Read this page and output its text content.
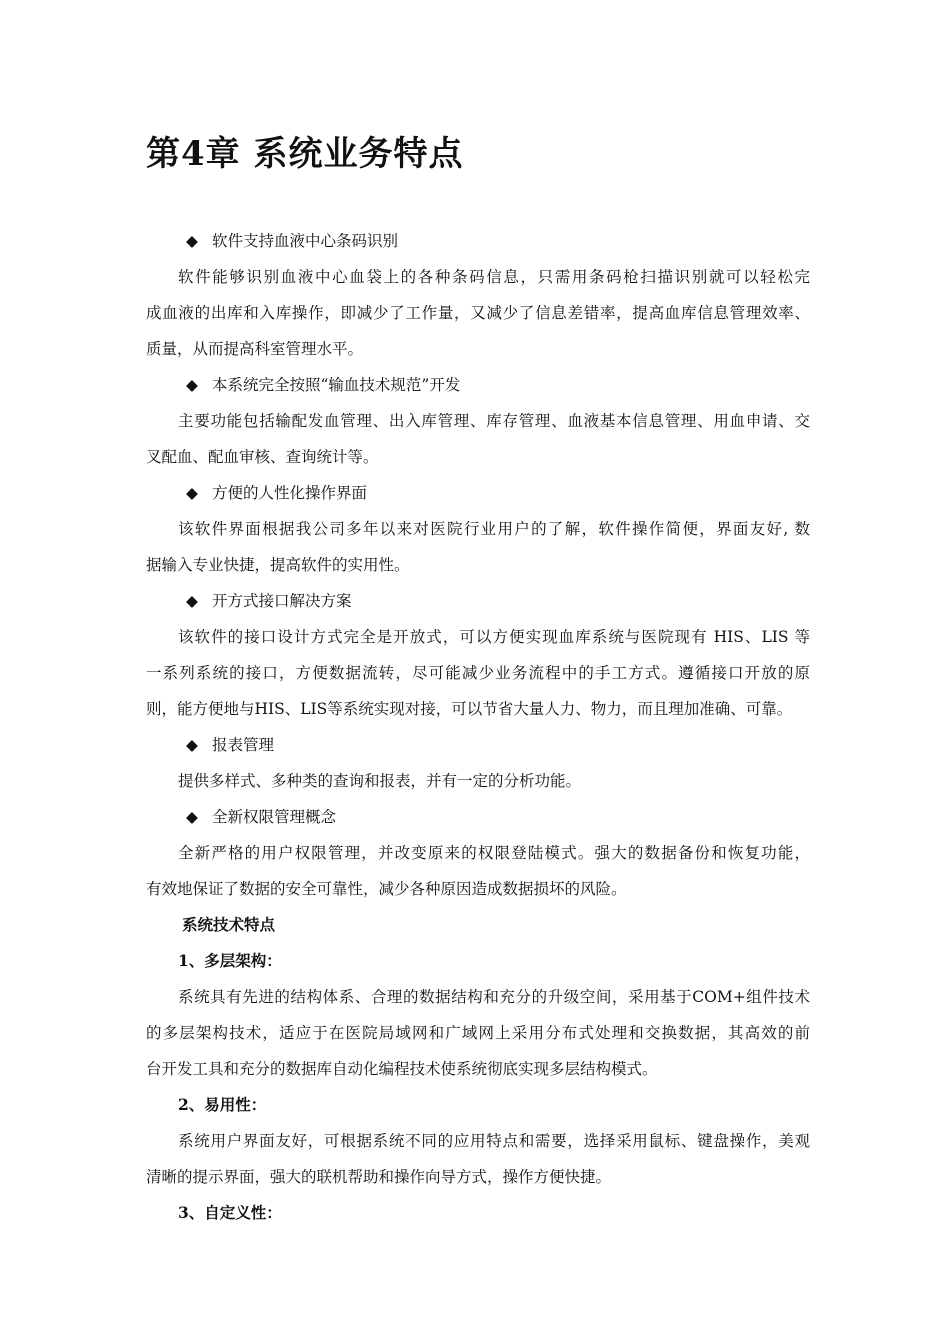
第4章 系统业务特点
◆ 软件支持血液中心条码识别
软件能够识别血液中心血袋上的各种条码信息，只需用条码枪扫描识别就可以轻松完
成血液的出库和入库操作，即减少了工作量，又减少了信息差错率，提高血库信息管理效率、
质量，从而提高科室管理水平。
◆ 本系统完全按照“输血技术规范”开发
主要功能包括输配发血管理、出入库管理、库存管理、血液基本信息管理、用血申请、交
叉配血、配血审核、查询统计等。
◆ 方便的人性化操作界面
该软件界面根据我公司多年以来对医院行业用户的了解，软件操作简便，界面友好, 数
据输入专业快捷，提高软件的实用性。
◆ 开方式接口解决方案
该软件的接口设计方式完全是开放式，可以方便实现血库系统与医院现有 HIS、LIS 等
一系列系统的接口，方便数据流转，尽可能减少业务流程中的手工方式。遵循接口开放的原
则，能方便地与HIS、LIS等系统实现对接，可以节省大量人力、物力，而且理加准确、可靠。
◆ 报表管理
提供多样式、多种类的查询和报表，并有一定的分析功能。
◆ 全新权限管理概念
全新严格的用户权限管理，并改变原来的权限登陆模式。强大的数据备份和恢复功能，
有效地保证了数据的安全可靠性，减少各种原因造成数据损坏的风险。
系统技术特点
1、多层架构：
系统具有先进的结构体系、合理的数据结构和充分的升级空间，采用基于COM+组件技术
的多层架构技术，适应于在医院局域网和广域网上采用分布式处理和交换数据，其高效的前
台开发工具和充分的数据库自动化编程技术使系统彻底实现多层结构模式。
2、易用性：
系统用户界面友好，可根据系统不同的应用特点和需要，选择采用鼠标、键盘操作，美观
清晰的提示界面，强大的联机帮助和操作向导方式，操作方便快捷。
3、自定义性：
